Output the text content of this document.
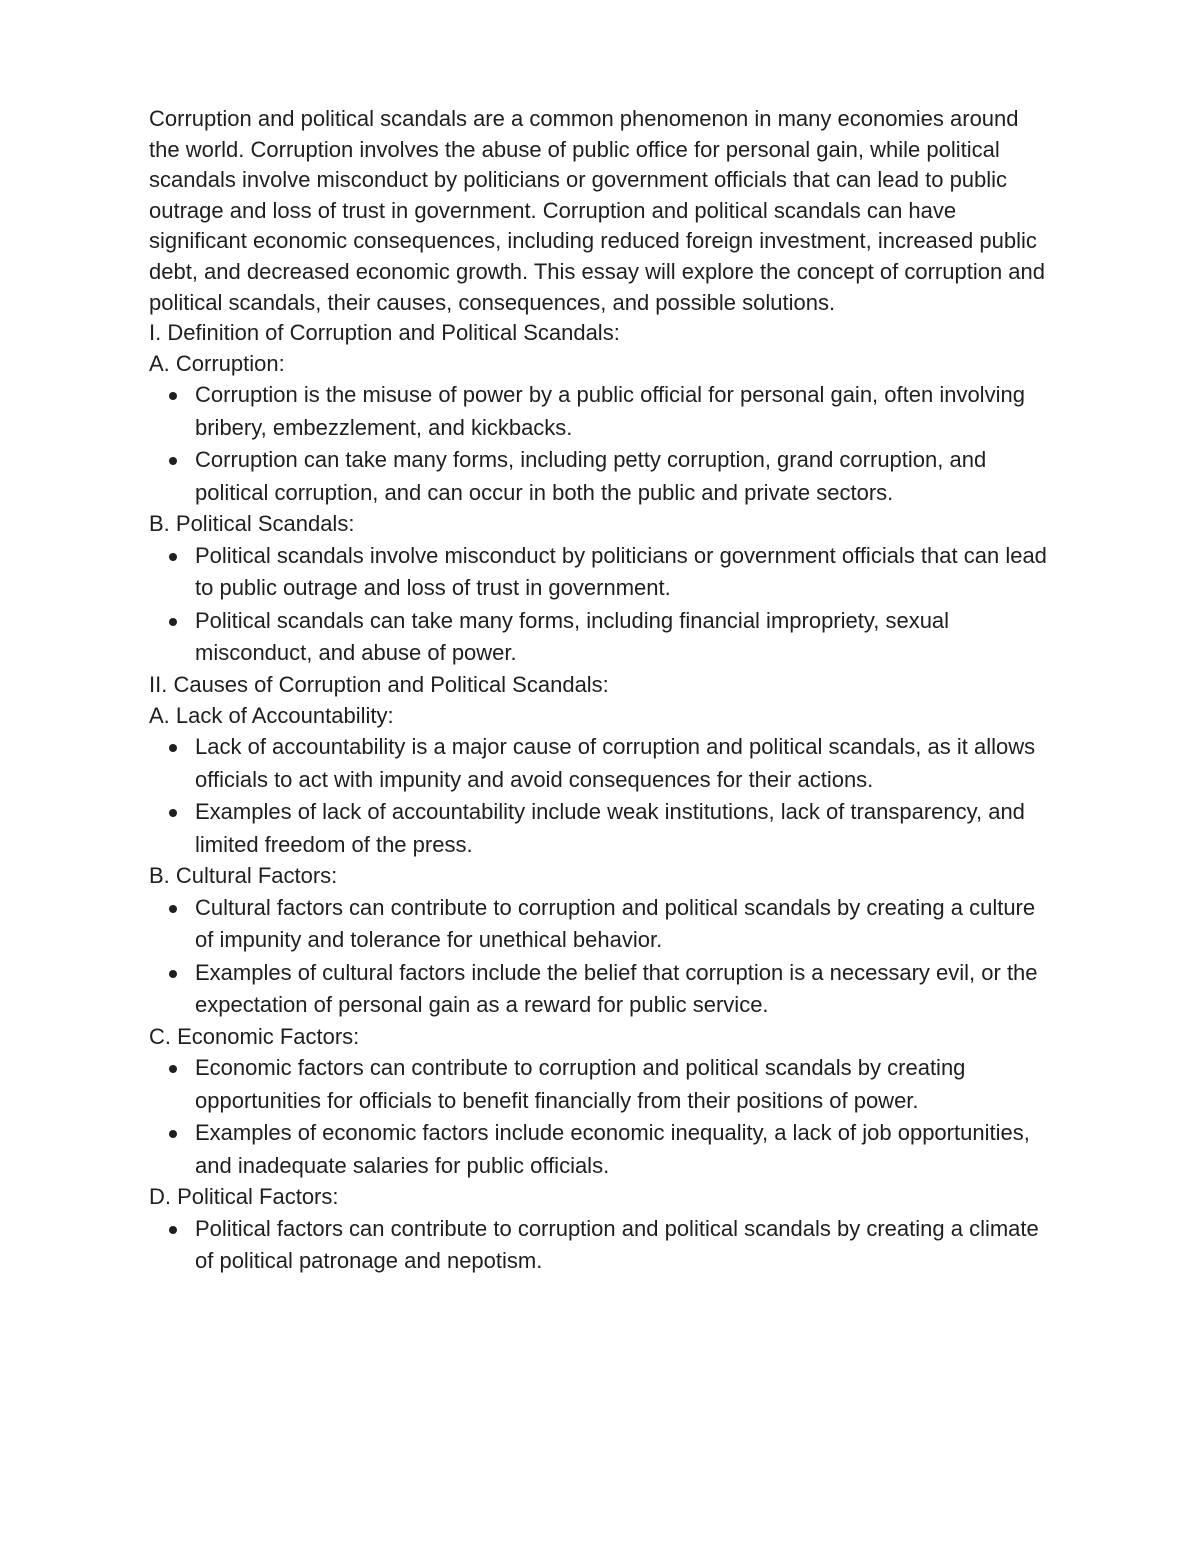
Corruption and political scandals are a common phenomenon in many economies around the world. Corruption involves the abuse of public office for personal gain, while political scandals involve misconduct by politicians or government officials that can lead to public outrage and loss of trust in government. Corruption and political scandals can have significant economic consequences, including reduced foreign investment, increased public debt, and decreased economic growth. This essay will explore the concept of corruption and political scandals, their causes, consequences, and possible solutions.

I. Definition of Corruption and Political Scandals:

A. Corruption:

Corruption is the misuse of power by a public official for personal gain, often involving bribery, embezzlement, and kickbacks.
Corruption can take many forms, including petty corruption, grand corruption, and political corruption, and can occur in both the public and private sectors.

B. Political Scandals:

Political scandals involve misconduct by politicians or government officials that can lead to public outrage and loss of trust in government.
Political scandals can take many forms, including financial impropriety, sexual misconduct, and abuse of power.

II. Causes of Corruption and Political Scandals:

A. Lack of Accountability:

Lack of accountability is a major cause of corruption and political scandals, as it allows officials to act with impunity and avoid consequences for their actions.
Examples of lack of accountability include weak institutions, lack of transparency, and limited freedom of the press.

B. Cultural Factors:

Cultural factors can contribute to corruption and political scandals by creating a culture of impunity and tolerance for unethical behavior.
Examples of cultural factors include the belief that corruption is a necessary evil, or the expectation of personal gain as a reward for public service.

C. Economic Factors:

Economic factors can contribute to corruption and political scandals by creating opportunities for officials to benefit financially from their positions of power.
Examples of economic factors include economic inequality, a lack of job opportunities, and inadequate salaries for public officials.

D. Political Factors:

Political factors can contribute to corruption and political scandals by creating a climate of political patronage and nepotism.
